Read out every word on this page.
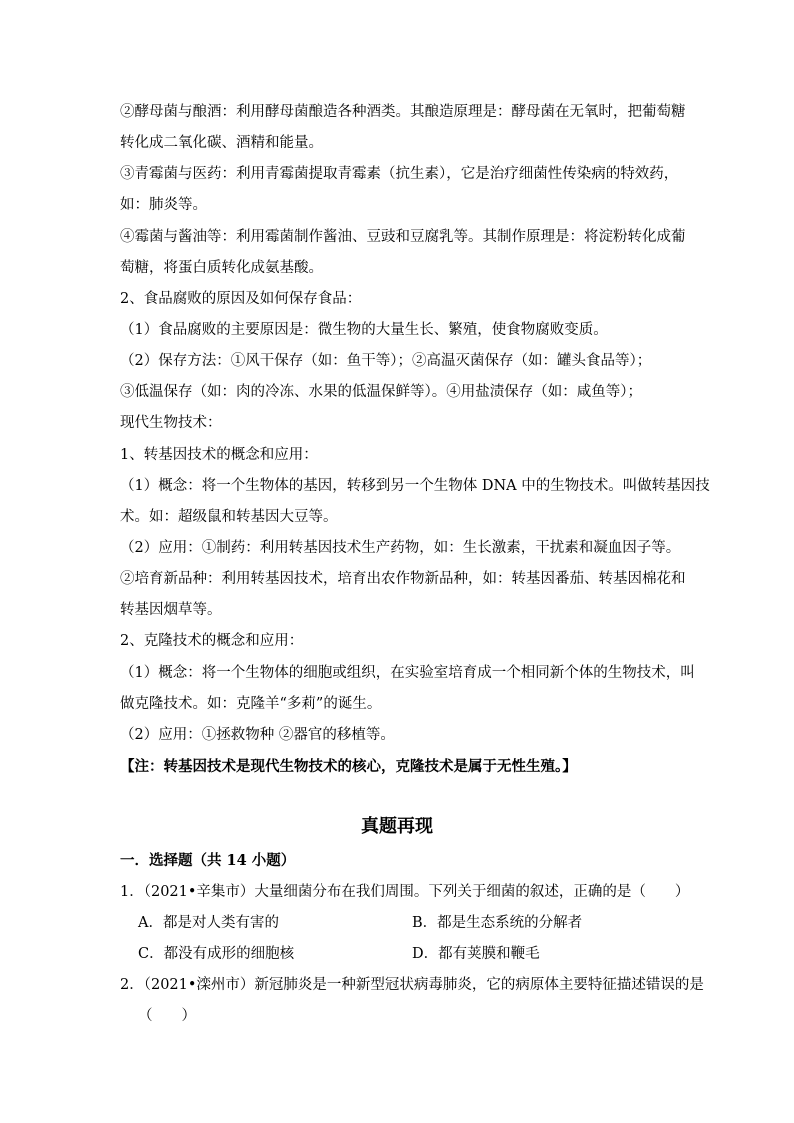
②酵母菌与酿酒：利用酵母菌酿造各种酒类。其酿造原理是：酵母菌在无氧时，把葡萄糖
转化成二氧化碳、酒精和能量。
③青霉菌与医药：利用青霉菌提取青霉素（抗生素），它是治疗细菌性传染病的特效药，
如：肺炎等。
④霉菌与酱油等：利用霉菌制作酱油、豆豉和豆腐乳等。其制作原理是：将淀粉转化成葡
萄糖，将蛋白质转化成氨基酸。
2、食品腐败的原因及如何保存食品：
（1）食品腐败的主要原因是：微生物的大量生长、繁殖，使食物腐败变质。
（2）保存方法：①风干保存（如：鱼干等）；②高温灭菌保存（如：罐头食品等）；
③低温保存（如：肉的冷冻、水果的低温保鲜等）。④用盐渍保存（如：咸鱼等）；
现代生物技术：
1、转基因技术的概念和应用：
（1）概念：将一个生物体的基因，转移到另一个生物体 DNA 中的生物技术。叫做转基因技
术。如：超级鼠和转基因大豆等。
（2）应用：①制药：利用转基因技术生产药物，如：生长激素，干扰素和凝血因子等。
②培育新品种：利用转基因技术，培育出农作物新品种，如：转基因番茄、转基因棉花和
转基因烟草等。
2、克隆技术的概念和应用：
（1）概念：将一个生物体的细胞或组织，在实验室培育成一个相同新个体的生物技术，叫
做克隆技术。如：克隆羊“多莉”的诞生。
（2）应用：①拯救物种 ②器官的移植等。
【注：转基因技术是现代生物技术的核心，克隆技术是属于无性生殖。】
真题再现
一．选择题（共 14 小题）
1．（2021•辛集市）大量细菌分布在我们周围。下列关于细菌的叙述，正确的是（　　）
A．都是对人类有害的	B．都是生态系统的分解者
C．都没有成形的细胞核	D．都有荚膜和鞭毛
2．（2021•滦州市）新冠肺炎是一种新型冠状病毒肺炎，它的病原体主要特征描述错误的是
（　　）
